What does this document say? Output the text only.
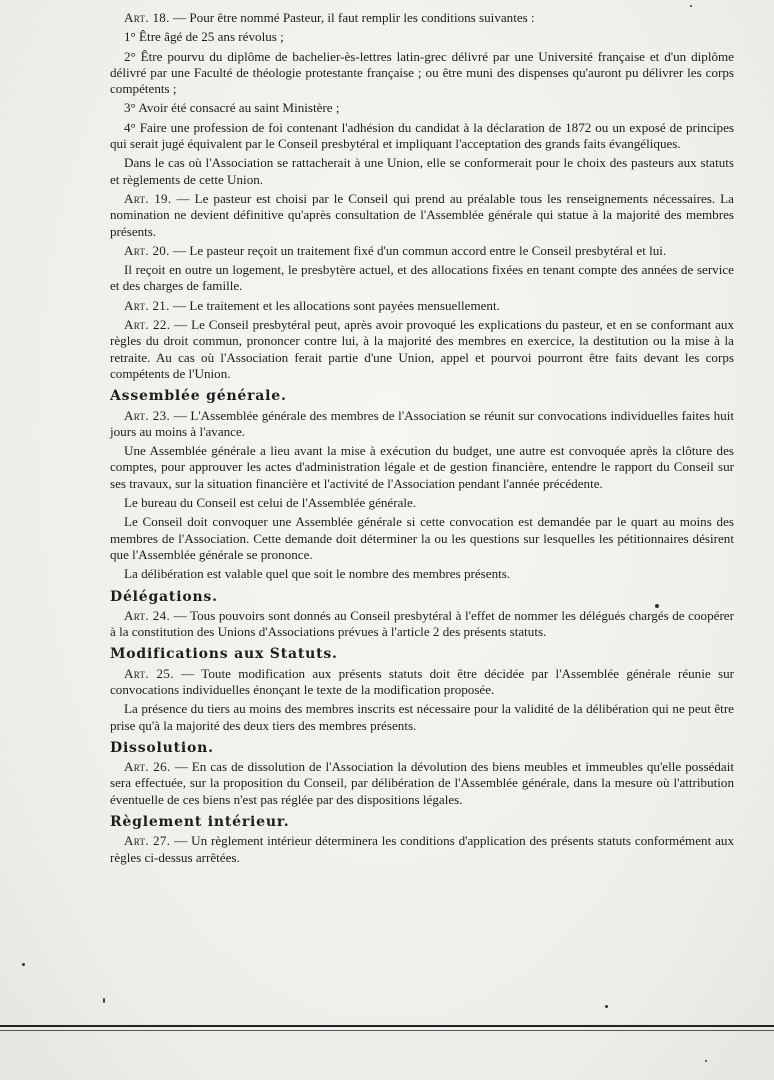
Art. 18. — Pour être nommé Pasteur, il faut remplir les conditions suivantes :

1° Être âgé de 25 ans révolus ;

2° Être pourvu du diplôme de bachelier-ès-lettres latin-grec délivré par une Université française et d'un diplôme délivré par une Faculté de théologie protestante française ; ou être muni des dispenses qu'auront pu délivrer les corps compétents ;

3° Avoir été consacré au saint Ministère ;

4° Faire une profession de foi contenant l'adhésion du candidat à la déclaration de 1872 ou un exposé de principes qui serait jugé équivalent par le Conseil presbytéral et impliquant l'acceptation des grands faits évangéliques.

Dans le cas où l'Association se rattacherait à une Union, elle se conformerait pour le choix des pasteurs aux statuts et règlements de cette Union.

Art. 19. — Le pasteur est choisi par le Conseil qui prend au préalable tous les renseignements nécessaires. La nomination ne devient définitive qu'après consultation de l'Assemblée générale qui statue à la majorité des membres présents.

Art. 20. — Le pasteur reçoit un traitement fixé d'un commun accord entre le Conseil presbytéral et lui.

Il reçoit en outre un logement, le presbytère actuel, et des allocations fixées en tenant compte des années de service et des charges de famille.

Art. 21. — Le traitement et les allocations sont payées mensuellement.

Art. 22. — Le Conseil presbytéral peut, après avoir provoqué les explications du pasteur, et en se conformant aux règles du droit commun, prononcer contre lui, à la majorité des membres en exercice, la destitution ou la mise à la retraite. Au cas où l'Association ferait partie d'une Union, appel et pourvoi pourront être faits devant les corps compétents de l'Union.

Assemblée générale.

Art. 23. — L'Assemblée générale des membres de l'Association se réunit sur convocations individuelles faites huit jours au moins à l'avance.

Une Assemblée générale a lieu avant la mise à exécution du budget, une autre est convoquée après la clôture des comptes, pour approuver les actes d'administration légale et de gestion financière, entendre le rapport du Conseil sur ses travaux, sur la situation financière et l'activité de l'Association pendant l'année précédente.

Le bureau du Conseil est celui de l'Assemblée générale.

Le Conseil doit convoquer une Assemblée générale si cette convocation est demandée par le quart au moins des membres de l'Association. Cette demande doit déterminer la ou les questions sur lesquelles les pétitionnaires désirent que l'Assemblée générale se prononce.

La délibération est valable quel que soit le nombre des membres présents.

Délégations.

Art. 24. — Tous pouvoirs sont donnés au Conseil presbytéral à l'effet de nommer les délégués chargés de coopérer à la constitution des Unions d'Associations prévues à l'article 2 des présents statuts.

Modifications aux Statuts.

Art. 25. — Toute modification aux présents statuts doit être décidée par l'Assemblée générale réunie sur convocations individuelles énonçant le texte de la modification proposée.

La présence du tiers au moins des membres inscrits est nécessaire pour la validité de la délibération qui ne peut être prise qu'à la majorité des deux tiers des membres présents.

Dissolution.

Art. 26. — En cas de dissolution de l'Association la dévolution des biens meubles et immeubles qu'elle possédait sera effectuée, sur la proposition du Conseil, par délibération de l'Assemblée générale, dans la mesure où l'attribution éventuelle de ces biens n'est pas réglée par des dispositions légales.

Règlement intérieur.

Art. 27. — Un règlement intérieur déterminera les conditions d'application des présents statuts conformément aux règles ci-dessus arrêtées.
